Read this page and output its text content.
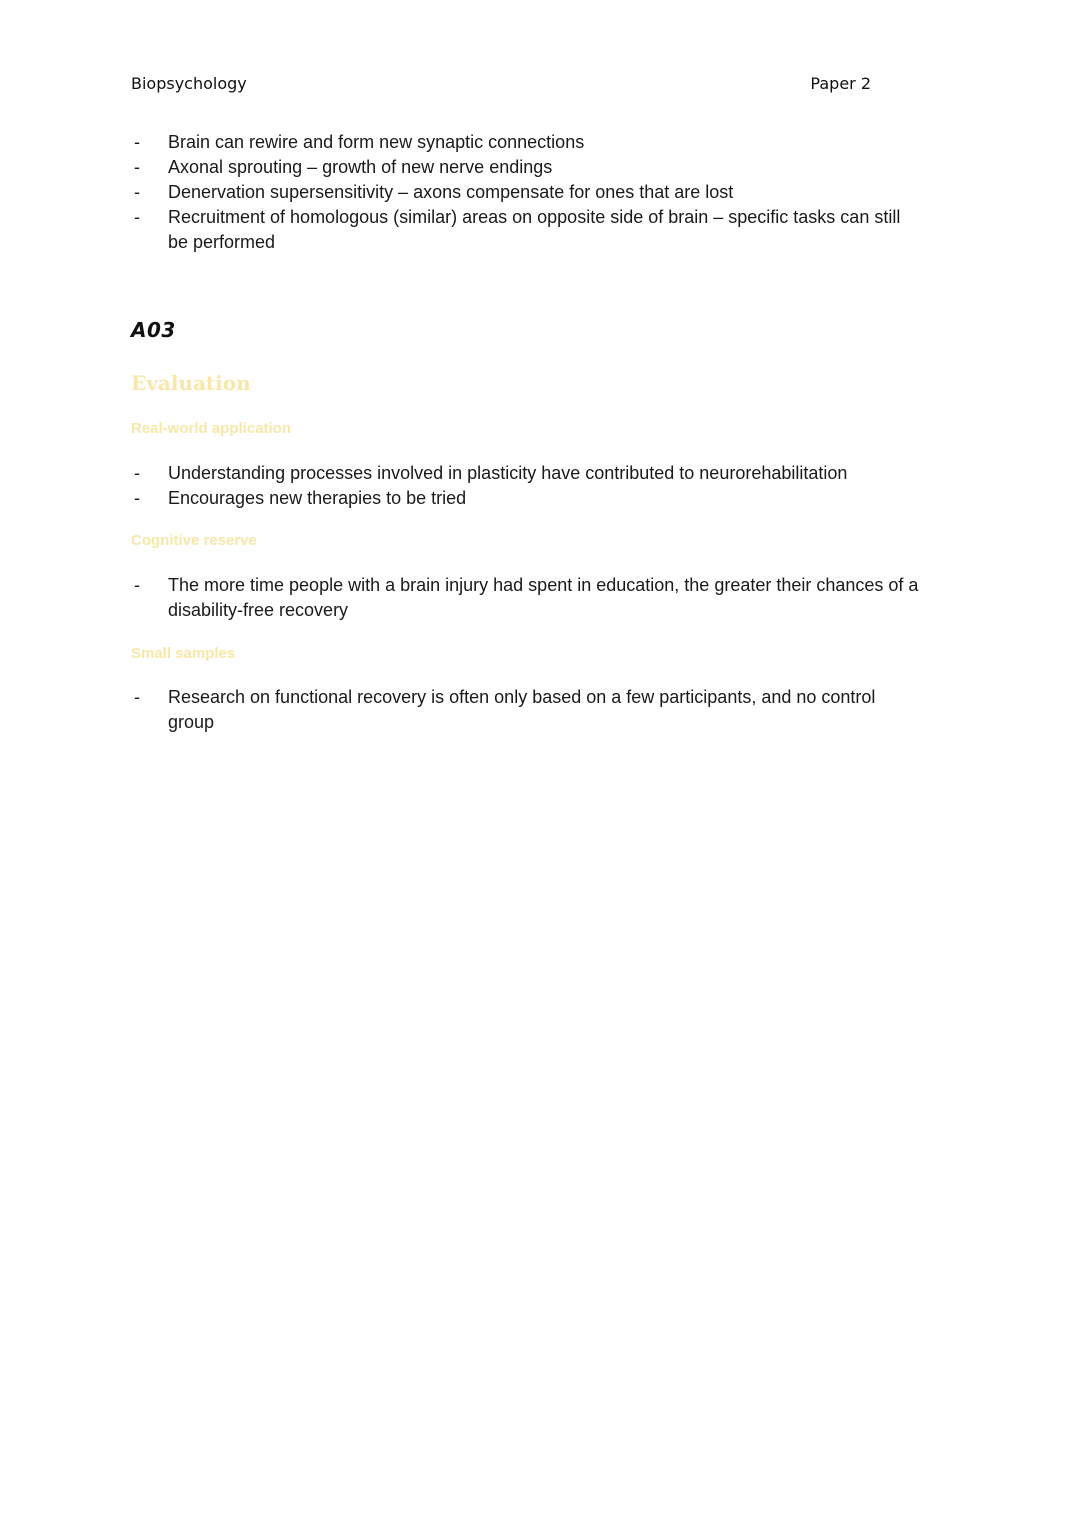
Biopsychology	Paper 2
- Brain can rewire and form new synaptic connections
- Axonal sprouting – growth of new nerve endings
- Denervation supersensitivity – axons compensate for ones that are lost
- Recruitment of homologous (similar) areas on opposite side of brain – specific tasks can still be performed
A03
Evaluation
Real-world application
- Understanding processes involved in plasticity have contributed to neurorehabilitation
- Encourages new therapies to be tried
Cognitive reserve
- The more time people with a brain injury had spent in education, the greater their chances of a disability-free recovery
Small samples
- Research on functional recovery is often only based on a few participants, and no control group
